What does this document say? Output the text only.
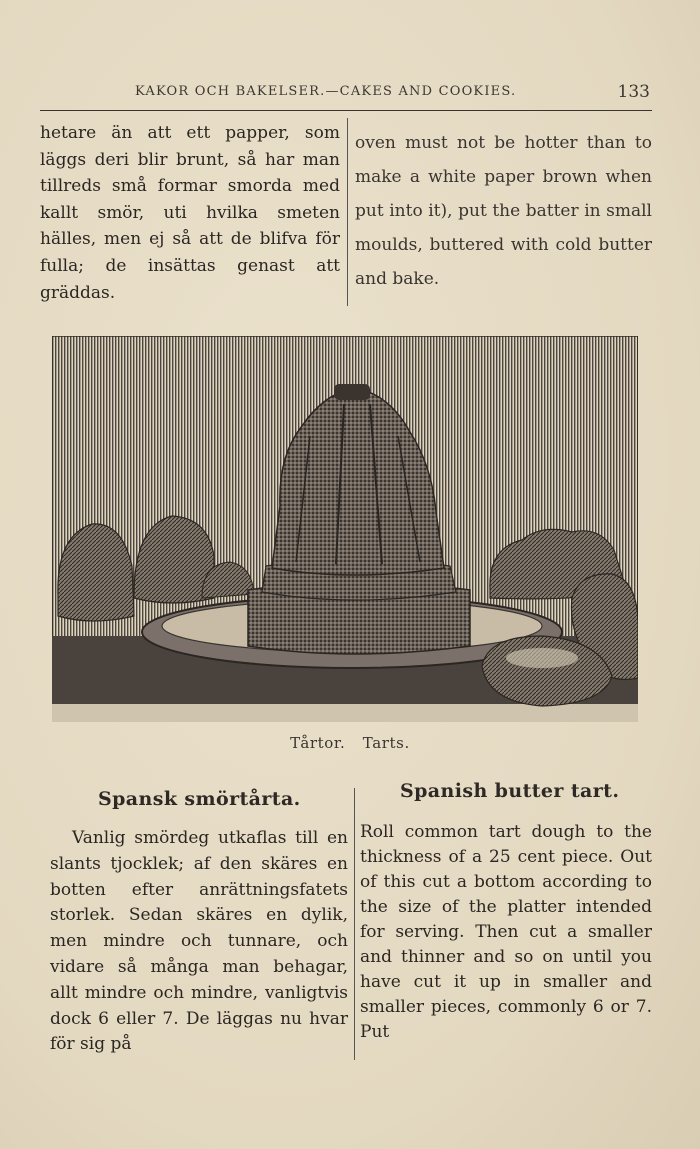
KAKOR OCH BAKELSER.—CAKES AND COOKIES.	133

hetare än att ett papper, som läggs deri blir brunt, så har man tillreds små formar smorda med kallt smör, uti hvilka smeten hälles, men ej så att de blifva för fulla; de insättas genast att gräddas.

oven must not be hotter than to make a white paper brown when put into it), put the batter in small moulds, buttered with cold butter and bake.

Tårtor. Tarts.
Spansk smörtårta.	Spanish butter tart.

Vanlig smördeg utkaflas till en slants tjocklek; af den skäres en botten efter anrättningsfatets storlek. Sedan skäres en dylik, men mindre och tunnare, och vidare så många man behagar, allt mindre och mindre, vanligtvis dock 6 eller 7. De läggas nu hvar för sig på

Roll common tart dough to the thickness of a 25 cent piece. Out of this cut a bottom according to the size of the platter intended for serving. Then cut a smaller and thinner and so on until you have cut it up in smaller and smaller pieces, commonly 6 or 7. Put
